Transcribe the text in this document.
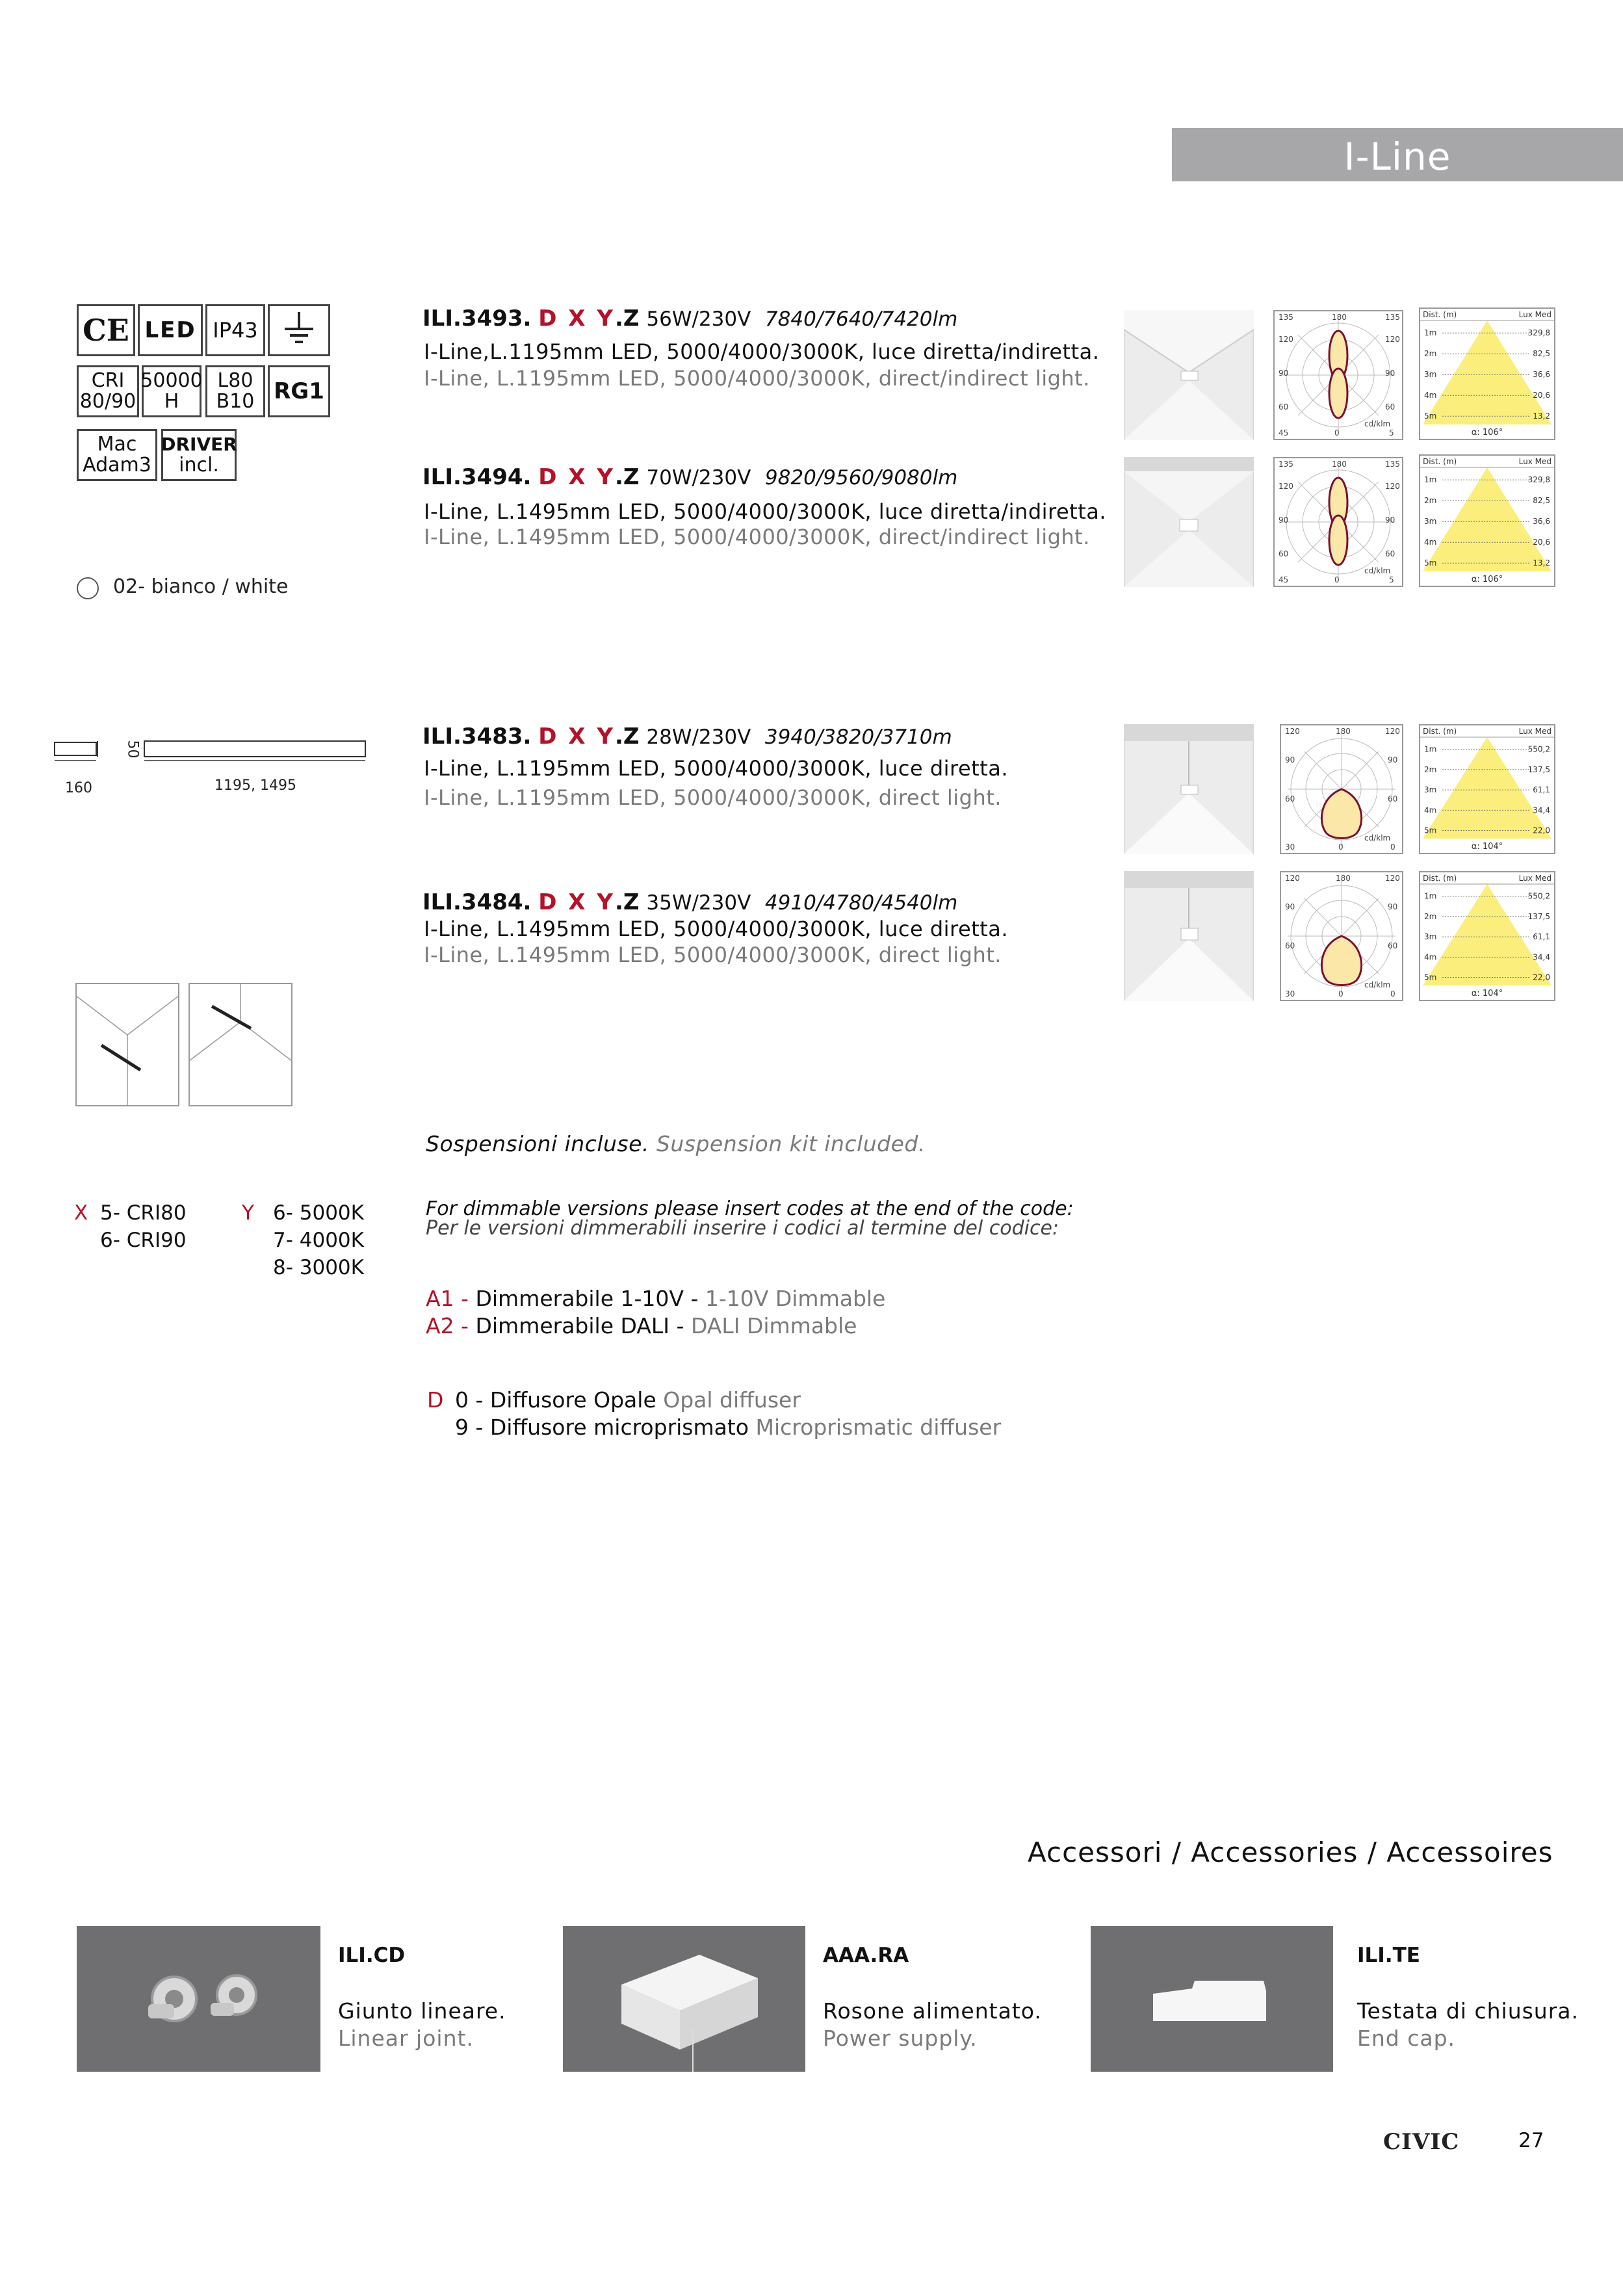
I-Line
CE LED IP43
CRI 80/90
50000 H
L80 B10 RG1
Mac Adam3
DRIVER
incl.
02- bianco / white
160
50
1195, 1495
ILI.3493. D X Y.Z 56W/230V 7840/7640/7420lm
I-Line,L.1195mm LED, 5000/4000/3000K, luce diretta/indiretta.
I-Line, L.1195mm LED, 5000/4000/3000K, direct/indirect light.
ILI.3494. D X Y.Z 70W/230V 9820/9560/9080lm
I-Line, L.1495mm LED, 5000/4000/3000K, luce diretta/indiretta.
I-Line, L.1495mm LED, 5000/4000/3000K, direct/indirect light.
ILI.3483. D X Y.Z 28W/230V 3940/3820/3710m
I-Line, L.1195mm LED, 5000/4000/3000K, luce diretta.
I-Line, L.1195mm LED, 5000/4000/3000K, direct light.
ILI.3484. D X Y.Z 35W/230V 4910/4780/4540lm
I-Line, L.1495mm LED, 5000/4000/3000K, luce diretta.
I-Line, L.1495mm LED, 5000/4000/3000K, direct light.
135	180	135
120	120
90	90
60	60
45	0	5
cd/klm
135	180	135
120	120
90	90
60	60
45	0	5
cd/klm
120	180	120
90	90
60	60
30	0	0
cd/klm
120	180	120
90	90
60	60
30	0	0
cd/klm
1m	329,8
2m	82,5
3m	36,6
4m	20,6
5m	13,2
Dist. (m)	Lux Med
α: 106°
1m	329,8
2m	82,5
3m	36,6
4m	20,6
5m	13,2
Dist. (m)	Lux Med
α: 106°
1m	550,2
2m	137,5
3m	61,1
4m	34,4
5m	22,0
Dist. (m)	Lux Med
α: 104°
1m	550,2
2m	137,5
3m	61,1
4m	34,4
5m	22,0
Dist. (m)	Lux Med
α: 104°
Sospensioni incluse. Suspension kit included.
X 5- CRI80
6- CRI90
Y 6- 5000K
7- 4000K
8- 3000K
For dimmable versions please insert codes at the end of the code:
Per le versioni dimmerabili inserire i codici al termine del codice:
A1 - Dimmerabile 1-10V - 1-10V Dimmable
A2 - Dimmerabile DALI - DALI Dimmable
D 0 - Diffusore Opale Opal diffuser
9 - Diffusore microprismato Microprismatic diffuser
Accessori / Accessories / Accessoires
ILI.CD
Giunto lineare.
Linear joint.
AAA.RA
Rosone alimentato.
Power supply.
ILI.TE
Testata di chiusura.
End cap.
CIVIC	27
